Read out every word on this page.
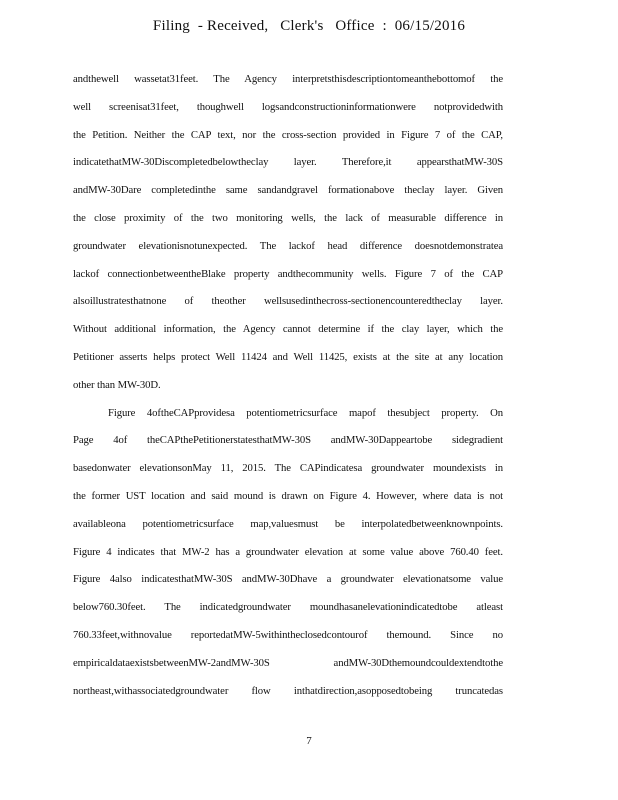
Filing  - Received,   Clerk's   Office  :  06/15/2016
andthewell wassetat31feet. The Agency interpretsthisdescriptiontomeanthebottomof the
well screenisat31feet, thoughwell logsandconstructioninformationwere notprovidedwith
the Petition. Neither the CAP text, nor the cross-section provided in Figure 7 of the CAP,
indicatethatMW-30Discompletedbelowtheclay layer. Therefore,it appearsthatMW-30S
andMW-30Dare completedinthe same sandandgravel formationabove theclay layer. Given
the close proximity of the two monitoring wells, the lack of measurable difference in
groundwater elevationisnotunexpected. The lackof head difference doesnotdemonstratea
lackof connectionbetweentheBlake property andthecommunity wells. Figure 7 of the CAP
alsoillustratesthatnone of theother wellsusedinthecross-sectionencounteredtheclay layer.
Without additional information, the Agency cannot determine if the clay layer, which the
Petitioner asserts helps protect Well 11424 and Well 11425, exists at the site at any location
other than MW-30D.
Figure 4oftheCAPprovidesa potentiometricsurface mapof thesubject property. On
Page 4of theCAPthePetitionerstatesthatMW-30S andMW-30Dappeartobe sidegradient
basedonwater elevationsonMay 11, 2015. The CAPindicatesa groundwater moundexists in
the former UST location and said mound is drawn on Figure 4. However, where data is not
availableona potentiometricsurface map,valuesmust be interpolatedbetweenknownpoints.
Figure 4 indicates that MW-2 has a groundwater elevation at some value above 760.40 feet.
Figure 4also indicatesthatMW-30S andMW-30Dhave a groundwater elevationatsome value
below760.30feet. The indicatedgroundwater moundhasanelevationindicatedtobe atleast
760.33feet,withnovalue reportedatMW-5withintheclosedcontourof themound. Since no
empiricaldataexistsbetweenMW-2andMW-30S andMW-30Dthemoundcouldextendtothe
northeast,withassociatedgroundwater flow inthatdirection,asopposedtobeing truncatedas
7
